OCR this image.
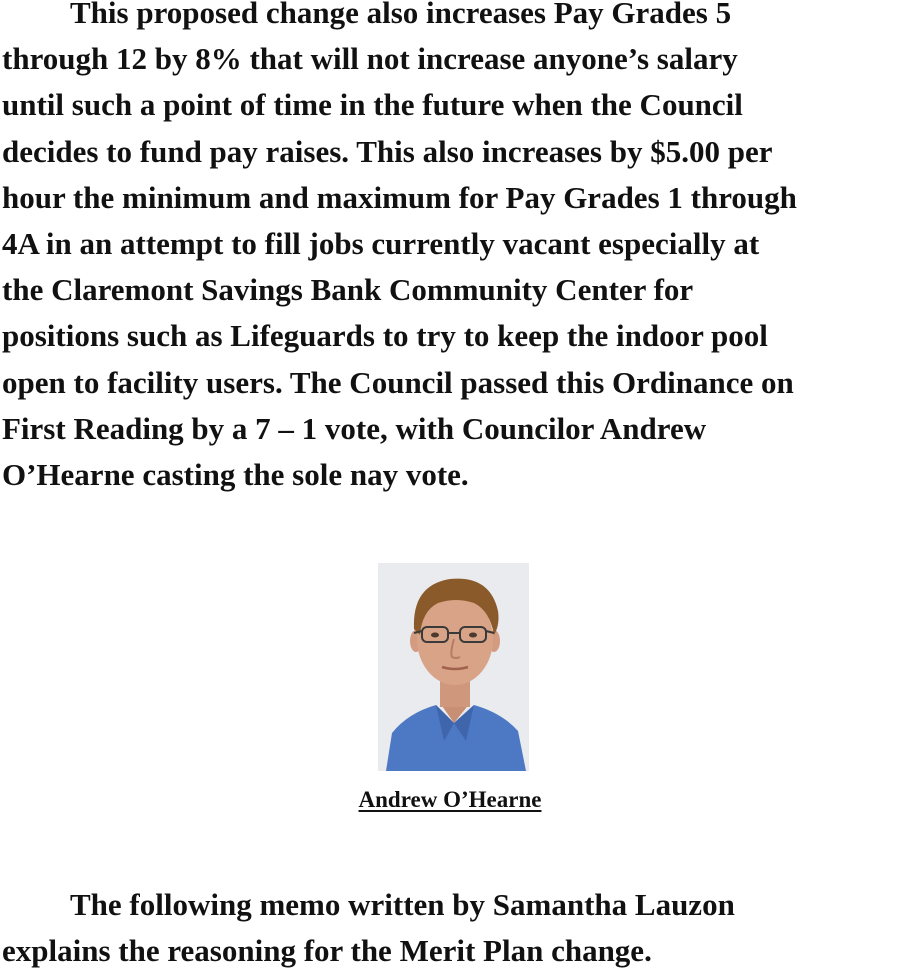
This proposed change also increases Pay Grades 5
through 12 by 8% that will not increase anyone’s salary
until such a point of time in the future when the Council
decides to fund pay raises. This also increases by $5.00 per
hour the minimum and maximum for Pay Grades 1 through
4A in an attempt to fill jobs currently vacant especially at
the Claremont Savings Bank Community Center for
positions such as Lifeguards to try to keep the indoor pool
open to facility users. The Council passed this Ordinance on
First Reading by a 7 – 1 vote, with Councilor Andrew
O’Hearne casting the sole nay vote.

Andrew O’Hearne

The following memo written by Samantha Lauzon
explains the reasoning for the Merit Plan change.
